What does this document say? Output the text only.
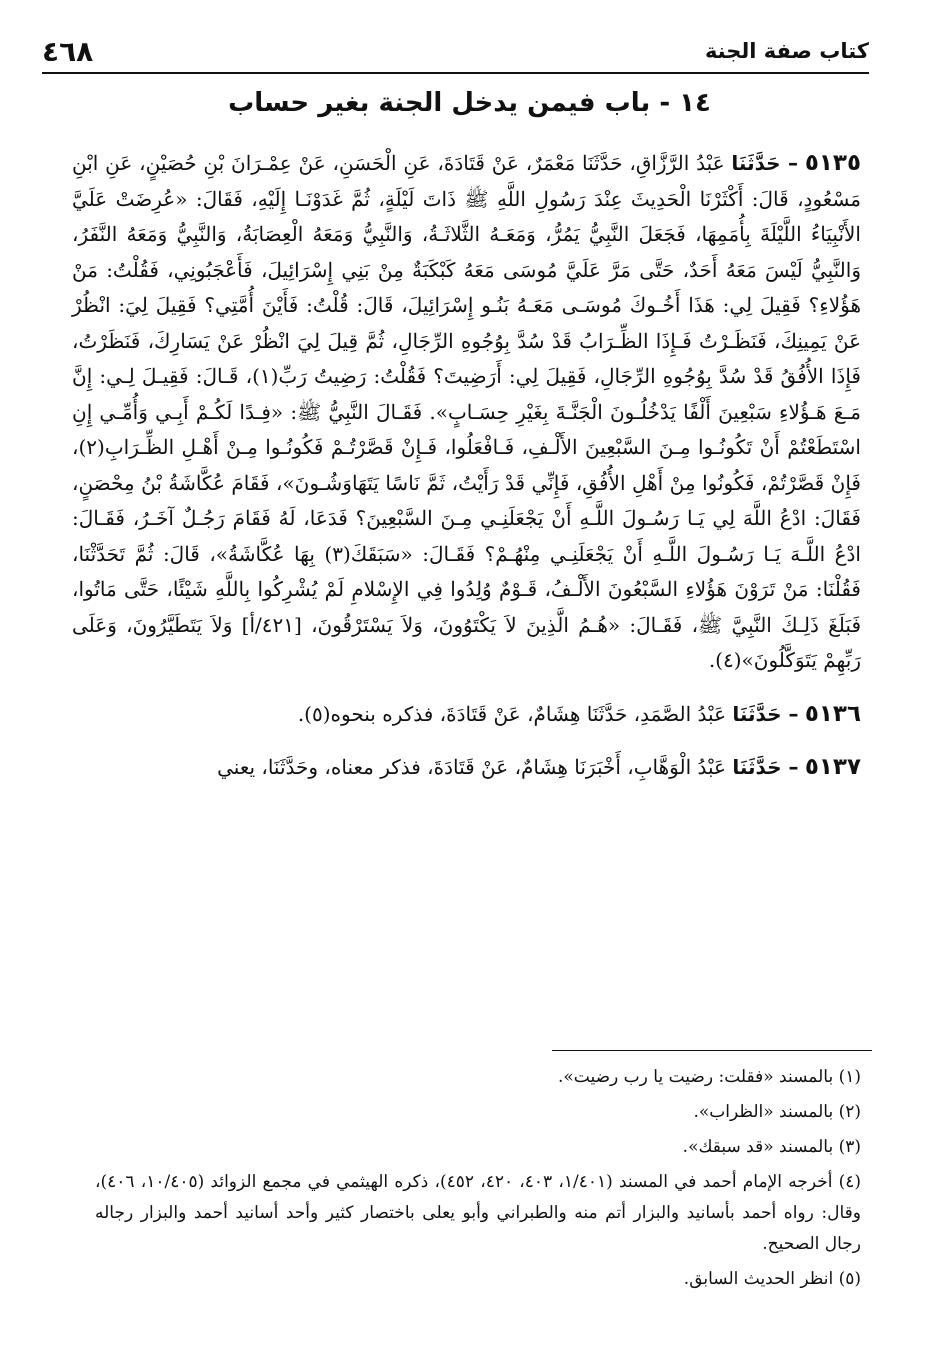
٤٦٨	كتاب صفة الجنة
١٤ - باب فيمن يدخل الجنة بغير حساب

٥١٣٥ – حَدَّثَنَا عَبْدُ الرَّزَّاقِ، حَدَّثَنَا مَعْمَرٌ، عَنْ قَتَادَةَ، عَنِ الْحَسَنِ، عَنْ عِمْـرَانَ بْنِ حُصَيْنٍ، عَنِ ابْنِ مَسْعُودٍ، قَالَ: أَكْثَرْنَا الْحَدِيثَ عِنْدَ رَسُولِ اللَّهِ ﷺ ذَاتَ لَيْلَةٍ، ثُمَّ غَدَوْنَـا إِلَيْهِ، فَقَالَ: «عُرِضَتْ عَلَيَّ الأَنْبِيَاءُ اللَّيْلَةَ بِأُمَمِهَا، فَجَعَلَ النَّبِيُّ يَمُرُّ، وَمَعَـهُ الثَّلاثَـةُ، وَالنَّبِيُّ وَمَعَهُ الْعِصَابَةُ، وَالنَّبِيُّ وَمَعَهُ النَّفَرُ، وَالنَّبِيُّ لَيْسَ مَعَهُ أَحَدٌ، حَتَّى مَرَّ عَلَيَّ مُوسَى مَعَهُ كَبْكَبَةٌ مِنْ بَنِي إِسْرَائِيلَ، فَأَعْجَبُونِي، فَقُلْتُ: مَنْ هَؤُلاءِ؟ فَقِيلَ لِي: هَذَا أَخُـوكَ مُوسَـى مَعَـهُ بَنُـو إِسْرَائِيلَ، قَالَ: قُلْتُ: فَأَيْنَ أُمَّتِي؟ فَقِيلَ لِيَ: انْظُرْ عَنْ يَمِينِكَ، فَنَظَـرْتُ فَـإِذَا الظِّـرَابُ قَدْ سُدَّ بِوُجُوهِ الرِّجَالِ، ثُمَّ قِيلَ لِيَ انْظُرْ عَنْ يَسَارِكَ، فَنَظَرْتُ، فَإِذَا الأُفُقُ قَدْ سُدَّ بِوُجُوهِ الرِّجَالِ، فَقِيلَ لِي: أَرَضِيتَ؟ فَقُلْتُ: رَضِيتُ رَبِّ(١)، قَـالَ: فَقِيـلَ لِـي: إِنَّ مَـعَ هَـؤُلاءِ سَبْعِينَ أَلْفًا يَدْخُلُـونَ الْجَنَّـةَ بِغَيْرِ حِسَـابٍ». فَقَـالَ النَّبِيُّ ﷺ: «فِـدًا لَكُـمْ أَبِـي وَأُمِّـي إِنِ اسْتَطَعْتُمْ أَنْ تَكُونُـوا مِـنَ السَّبْعِينَ الأَلْـفِ، فَـافْعَلُوا، فَـإِنْ قَصَّرْتُـمْ فَكُونُـوا مِـنْ أَهْـلِ الظِّـرَابِ(٢)، فَإِنْ قَصَّرْتُمْ، فَكُونُوا مِنْ أَهْلِ الأُفُقِ، فَإِنِّي قَدْ رَأَيْتُ، ثَمَّ نَاسًا يَتَهَاوَشُـونَ»، فَقَامَ عُكَّاشَةُ بْنُ مِحْصَنٍ، فَقَالَ: ادْعُ اللَّهَ لِي يَـا رَسُـولَ اللَّـهِ أَنْ يَجْعَلَنِـي مِـنَ السَّبْعِينَ؟ فَدَعَا، لَهُ فَقَامَ رَجُـلٌ آخَـرُ، فَقَـالَ: ادْعُ اللَّـهَ يَـا رَسُـولَ اللَّـهِ أَنْ يَجْعَلَنِـي مِنْهُـمْ؟ فَقَـالَ: «سَبَقَكَ(٣) بِهَا عُكَّاشَةُ»، قَالَ: ثُمَّ تَحَدَّثْنَا، فَقُلْنَا: مَنْ تَرَوْنَ هَؤُلاءِ السَّبْعُونَ الأَلْـفُ، قَـوْمٌ وُلِدُوا فِي الإِسْلامِ لَمْ يُشْرِكُوا بِاللَّهِ شَيْئًا، حَتَّى مَاتُوا، فَبَلَغَ ذَلِـكَ النَّبِيَّ ﷺ، فَقَـالَ: «هُـمُ الَّذِينَ لاَ يَكْتَوُونَ، وَلاَ يَسْتَرْقُونَ، [٤٢١/أ] وَلاَ يَتَطَيَّرُونَ، وَعَلَى رَبِّهِمْ يَتَوَكَّلُونَ»(٤).

٥١٣٦ – حَدَّثَنَا عَبْدُ الصَّمَدِ، حَدَّثَنَا هِشَامٌ، عَنْ قَتَادَةَ، فذكره بنحوه(٥).

٥١٣٧ – حَدَّثَنَا عَبْدُ الْوَهَّابِ، أَخْبَرَنَا هِشَامٌ، عَنْ قَتَادَةَ، فذكر معناه، وحَدَّثَنَا، يعني

(١) بالمسند «فقلت: رضيت يا رب رضيت».

(٢) بالمسند «الظراب».

(٣) بالمسند «قد سبقك».

(٤) أخرجه الإمام أحمد في المسند (١/٤٠١، ٤٠٣، ٤٢٠، ٤٥٢)، ذكره الهيثمي في مجمع الزوائد (١٠/٤٠٥، ٤٠٦)، وقال: رواه أحمد بأسانيد والبزار أتم منه والطبراني وأبو يعلى باختصار كثير وأحد أسانيد أحمد والبزار رجاله رجال الصحيح.

(٥) انظر الحديث السابق.
